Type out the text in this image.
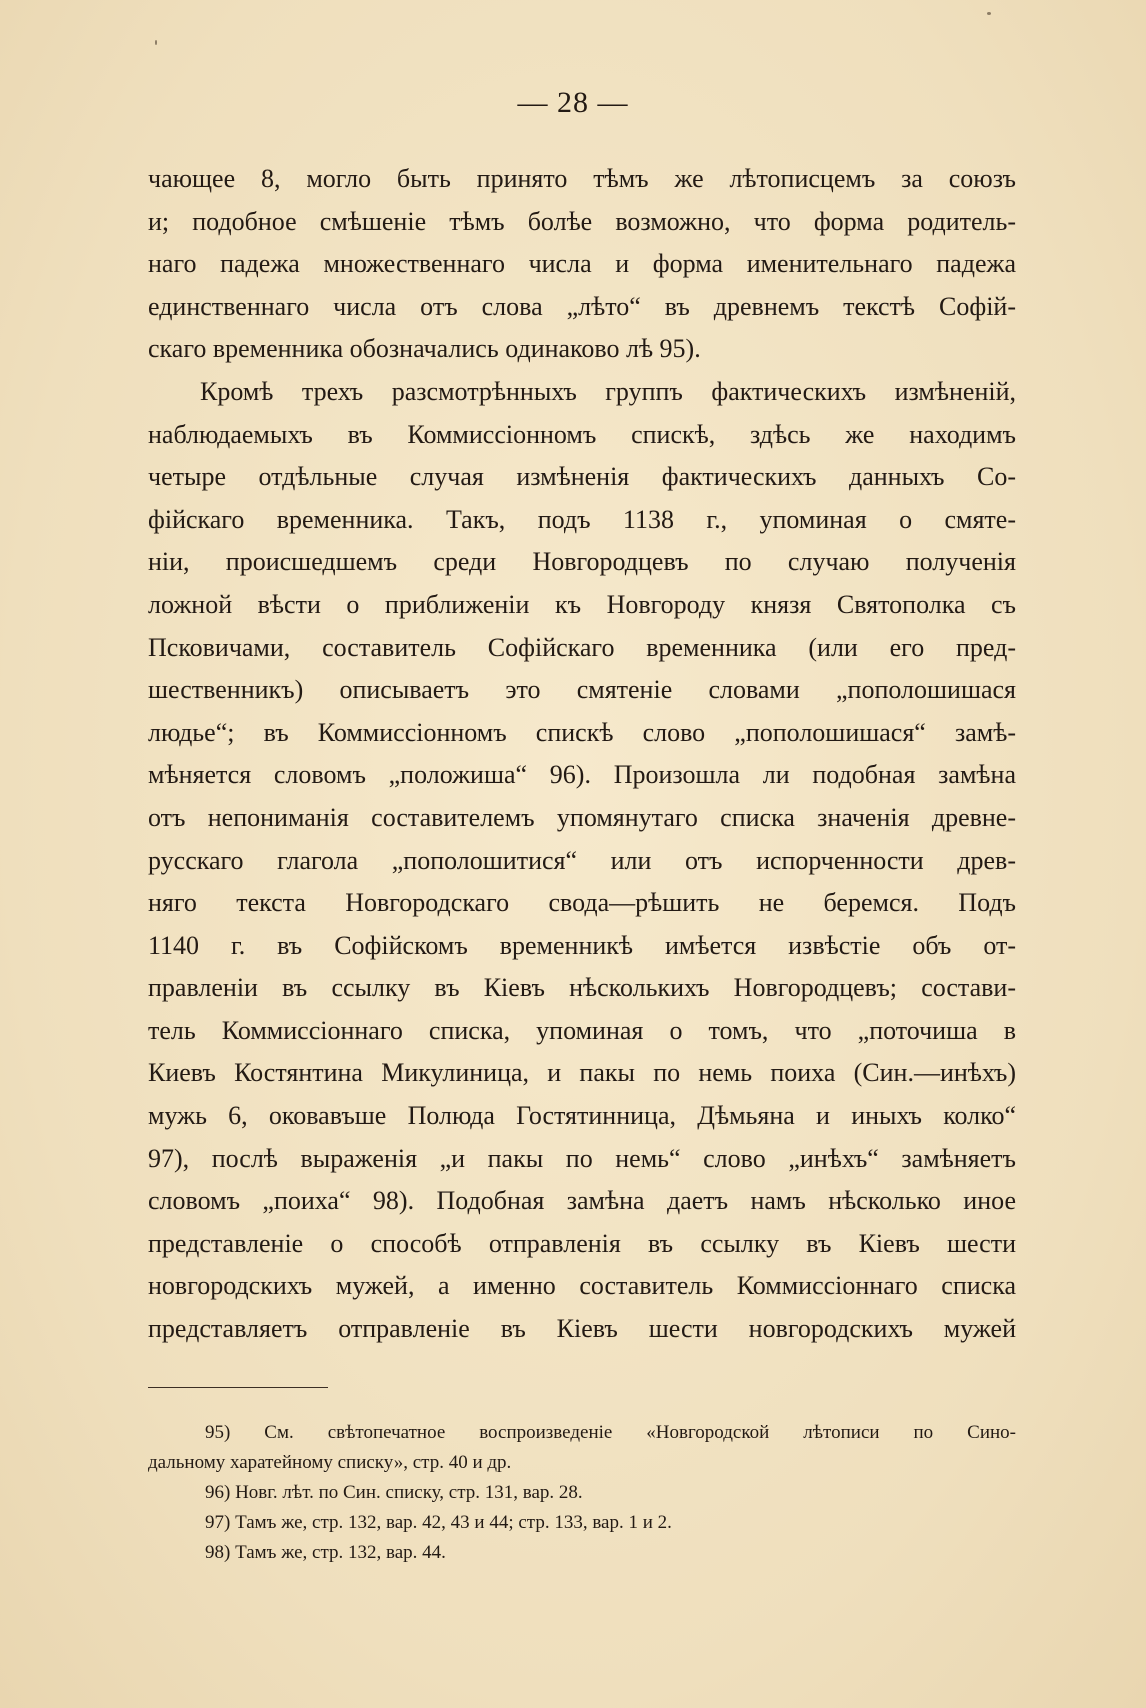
— 28 —
чающее 8, могло быть принято тѣмъ же лѣтописцемъ за союзъ
и; подобное смѣшеніе тѣмъ болѣе возможно, что форма родитель-
наго падежа множественнаго числа и форма именительнаго падежа
единственнаго числа отъ слова „лѣто“ въ древнемъ текстѣ Софій-
скаго временника обозначались одинаково лѣ 95).
Кромѣ трехъ разсмотрѣнныхъ группъ фактическихъ измѣненій,
наблюдаемыхъ въ Коммиссіонномъ спискѣ, здѣсь же находимъ
четыре отдѣльные случая измѣненія фактическихъ данныхъ Со-
фійскаго временника. Такъ, подъ 1138 г., упоминая о смяте-
ніи, происшедшемъ среди Новгородцевъ по случаю полученія
ложной вѣсти о приближеніи къ Новгороду князя Святополка съ
Псковичами, составитель Софійскаго временника (или его пред-
шественникъ) описываетъ это смятеніе словами „пополошишася
людье“; въ Коммиссіонномъ спискѣ слово „пополошишася“ замѣ-
мѣняется словомъ „положиша“ 96). Произошла ли подобная замѣна
отъ непониманія составителемъ упомянутаго списка значенія древне-
русскаго глагола „пополошитися“ или отъ испорченности древ-
няго текста Новгородскаго свода—рѣшить не беремся. Подъ
1140 г. въ Софійскомъ временникѣ имѣется извѣстіе объ от-
правленіи въ ссылку въ Кіевъ нѣсколькихъ Новгородцевъ; состави-
тель Коммиссіоннаго списка, упоминая о томъ, что „поточиша в
Киевъ Костянтина Микулиница, и пакы по немь поиха (Син.—инѣхъ)
мужь 6, оковавъше Полюда Гостятинница, Дѣмьяна и иныхъ колко“
97), послѣ выраженія „и пакы по немь“ слово „инѣхъ“ замѣняетъ
словомъ „поиха“ 98). Подобная замѣна даетъ намъ нѣсколько иное
представленіе о способѣ отправленія въ ссылку въ Кіевъ шести
новгородскихъ мужей, а именно составитель Коммиссіоннаго списка
представляетъ отправленіе въ Кіевъ шести новгородскихъ мужей
95) См. свѣтопечатное воспроизведеніе «Новгородской лѣтописи по Сино-
дальному харатейному списку», стр. 40 и др.
96) Новг. лѣт. по Син. списку, стр. 131, вар. 28.
97) Тамъ же, стр. 132, вар. 42, 43 и 44; стр. 133, вар. 1 и 2.
98) Тамъ же, стр. 132, вар. 44.
